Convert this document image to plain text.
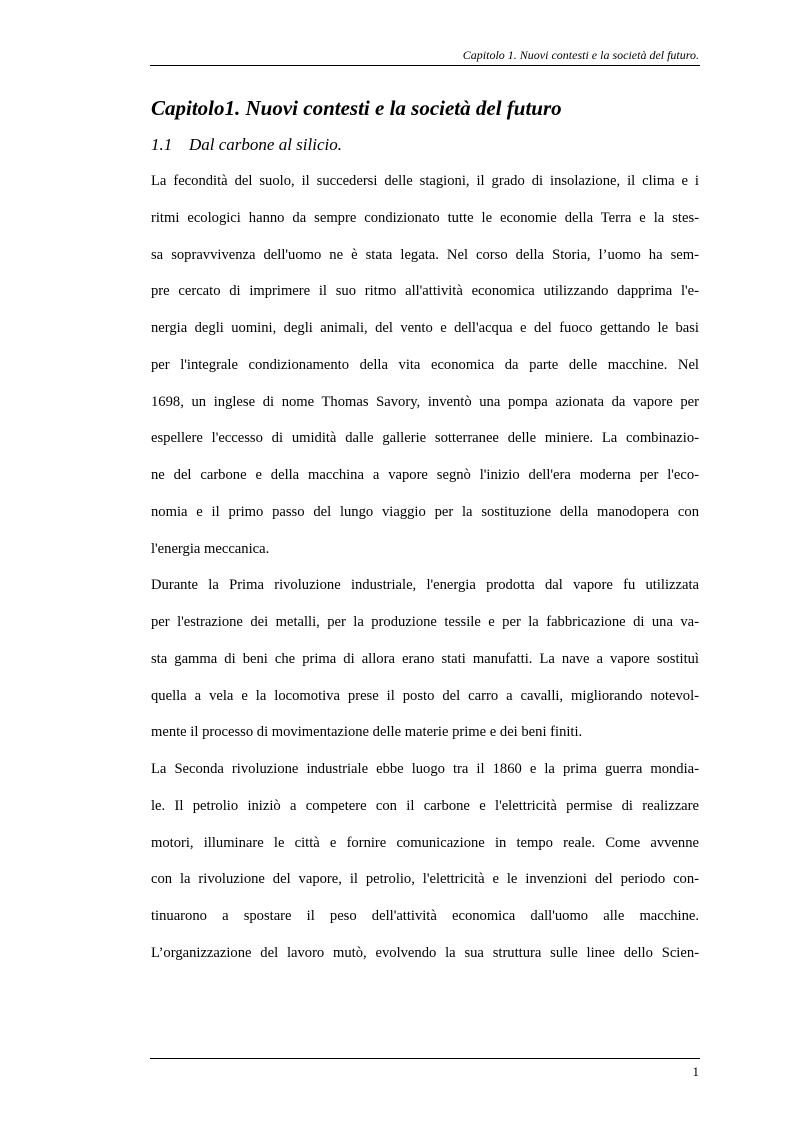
Capitolo 1. Nuovi contesti e la società del futuro.
Capitolo1. Nuovi contesti e la società del futuro
1.1 Dal carbone al silicio.
La fecondità del suolo, il succedersi delle stagioni, il grado di insolazione, il clima e i
ritmi ecologici hanno da sempre condizionato tutte le economie della Terra e la stes-
sa sopravvivenza dell'uomo ne è stata legata. Nel corso della Storia, l’uomo ha sem-
pre cercato di imprimere il suo ritmo all'attività economica utilizzando dapprima l'e-
nergia degli uomini, degli animali, del vento e dell'acqua e del fuoco gettando le basi
per l'integrale condizionamento della vita economica da parte delle macchine. Nel
1698, un inglese di nome Thomas Savory, inventò una pompa azionata da vapore per
espellere l'eccesso di umidità dalle gallerie sotterranee delle miniere. La combinazio-
ne del carbone e della macchina a vapore segnò l'inizio dell'era moderna per l'eco-
nomia e il primo passo del lungo viaggio per la sostituzione della manodopera con
l'energia meccanica.
Durante la Prima rivoluzione industriale, l'energia prodotta dal vapore fu utilizzata
per l'estrazione dei metalli, per la produzione tessile e per la fabbricazione di una va-
sta gamma di beni che prima di allora erano stati manufatti. La nave a vapore sostituì
quella a vela e la locomotiva prese il posto del carro a cavalli, migliorando notevol-
mente il processo di movimentazione delle materie prime e dei beni finiti.
La Seconda rivoluzione industriale ebbe luogo tra il 1860 e la prima guerra mondia-
le. Il petrolio iniziò a competere con il carbone e l'elettricità permise di realizzare
motori, illuminare le città e fornire comunicazione in tempo reale. Come avvenne
con la rivoluzione del vapore, il petrolio, l'elettricità e le invenzioni del periodo con-
tinuarono a spostare il peso dell'attività economica dall'uomo alle macchine.
L’organizzazione del lavoro mutò, evolvendo la sua struttura sulle linee dello Scien-
1
